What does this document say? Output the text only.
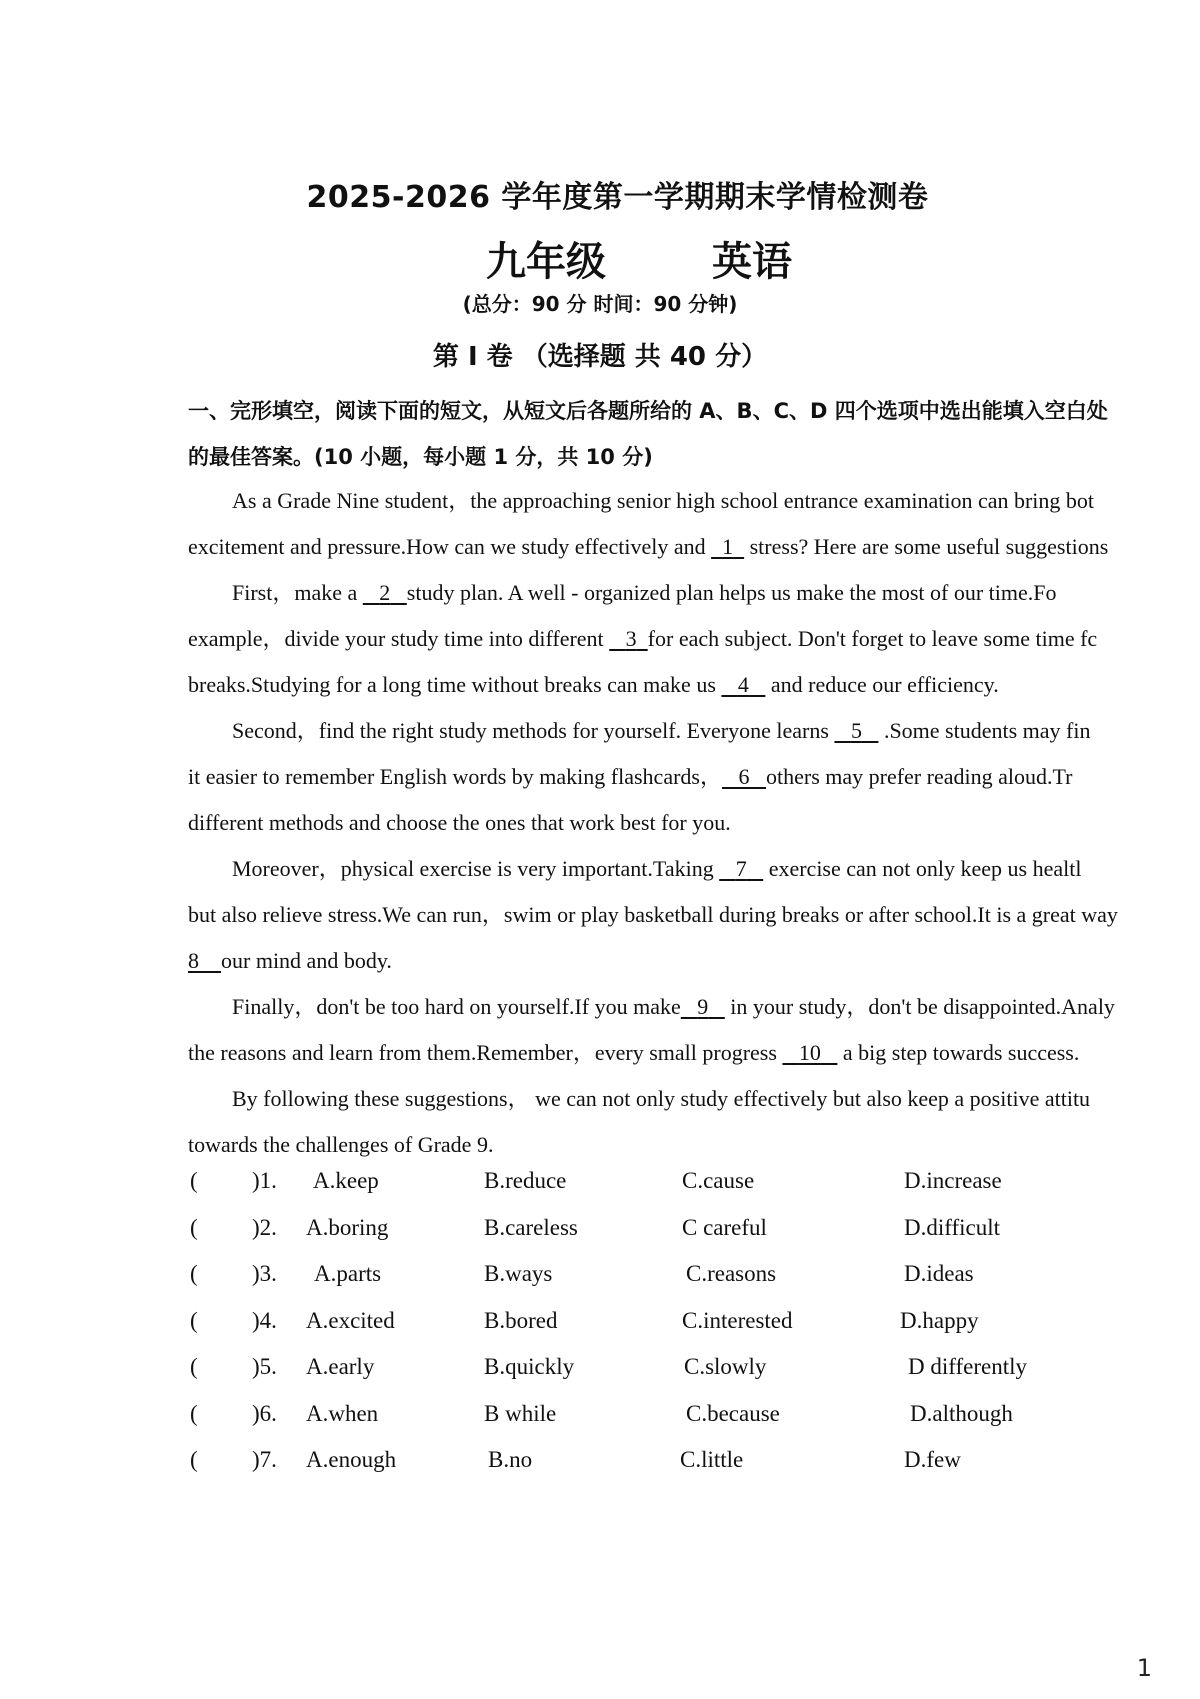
2025-2026 学年度第一学期期末学情检测卷
九年级	英语
(总分：90 分 时间：90 分钟)
第 I 卷 （选择题 共 40 分）
一、完形填空，阅读下面的短文，从短文后各题所给的 A、B、C、D 四个选项中选出能填入空白处
的最佳答案。(10 小题，每小题 1 分，共 10 分)
As a Grade Nine student，the approaching senior high school entrance examination can bring bot
excitement and pressure.How can we study effectively and   1   stress? Here are some useful suggestions
First，make a    2 study plan. A well - organized plan helps us make the most of our time.Fo
example，divide your study time into different    3 for each subject. Don't forget to leave some time fc
breaks.Studying for a long time without breaks can make us    4    and reduce our efficiency.
Second，find the right study methods for yourself. Everyone learns    5    .Some students may fin
it easier to remember English words by making flashcards， 6 others may prefer reading aloud.Tr
different methods and choose the ones that work best for you.
Moreover，physical exercise is very important.Taking    7    exercise can not only keep us healtl
but also relieve stress.We can run，swim or play basketball during breaks or after school.It is a great way
8 our mind and body.
Finally，don't be too hard on yourself.If you make 9    in your study，don't be disappointed.Analy
the reasons and learn from them.Remember，every small progress    10    a big step towards success.
By following these suggestions， we can not only study effectively but also keep a positive attitu
towards the challenges of Grade 9.
( )1. A.keep	B.reduce	C.cause	D.increase
( )2. A.boring	B.careless	C careful	D.difficult
( )3. A.parts	B.ways	C.reasons	D.ideas
( )4. A.excited	B.bored	C.interested	D.happy
( )5. A.early	B.quickly	C.slowly	D differently
( )6. A.when	B while	C.because	D.although
( )7. A.enough	B.no	C.little	D.few
1
